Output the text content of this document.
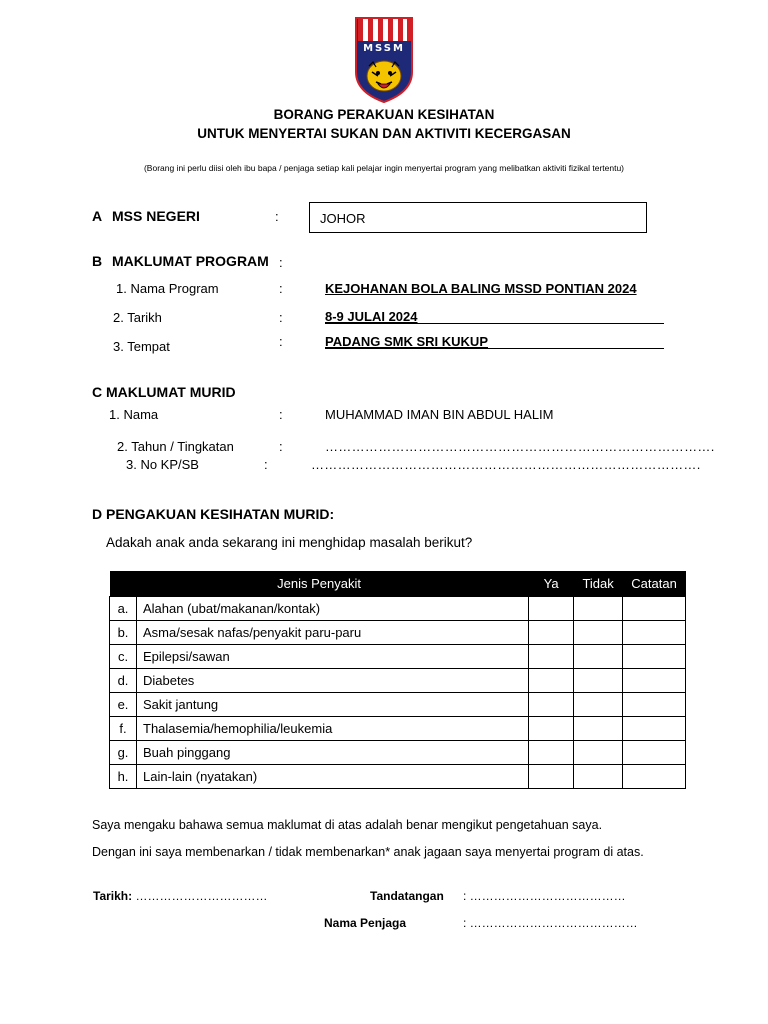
MSSM
BORANG PERAKUAN KESIHATAN
UNTUK MENYERTAI SUKAN DAN AKTIVITI KECERGASAN
(Borang ini perlu diisi oleh ibu bapa / penjaga setiap kali pelajar ingin menyertai program yang melibatkan aktiviti fizikal tertentu)
A MSS NEGERI	:	JOHOR
B MAKLUMAT PROGRAM :
1. Nama Program	:	KEJOHANAN BOLA BALING MSSD PONTIAN 2024
2. Tarikh	:	8-9 JULAI 2024
3. Tempat	:	PADANG SMK SRI KUKUP
C MAKLUMAT MURID
1. Nama	:	MUHAMMAD IMAN BIN ABDUL HALIM
2. Tahun / Tingkatan	:	…………………………………………………………………………….
3. No KP/SB	:	…………………………………………………………………………….
D PENGAKUAN KESIHATAN MURID:
Adakah anak anda sekarang ini menghidap masalah berikut?
Jenis Penyakit		Ya	Tidak	Catatan
a.	Alahan (ubat/makanan/kontak)			
b.	Asma/sesak nafas/penyakit paru-paru			
c.	Epilepsi/sawan			
d.	Diabetes			
e.	Sakit jantung			
f.	Thalasemia/hemophilia/leukemia			
g.	Buah pinggang			
h.	Lain-lain (nyatakan)			
Saya mengaku bahawa semua maklumat di atas adalah benar mengikut pengetahuan saya.
Dengan ini saya membenarkan / tidak membenarkan* anak jagaan saya menyertai program di atas.
Tarikh: ……………………………	Tandatangan : …………………………………
Nama Penjaga	: ……………………………………
